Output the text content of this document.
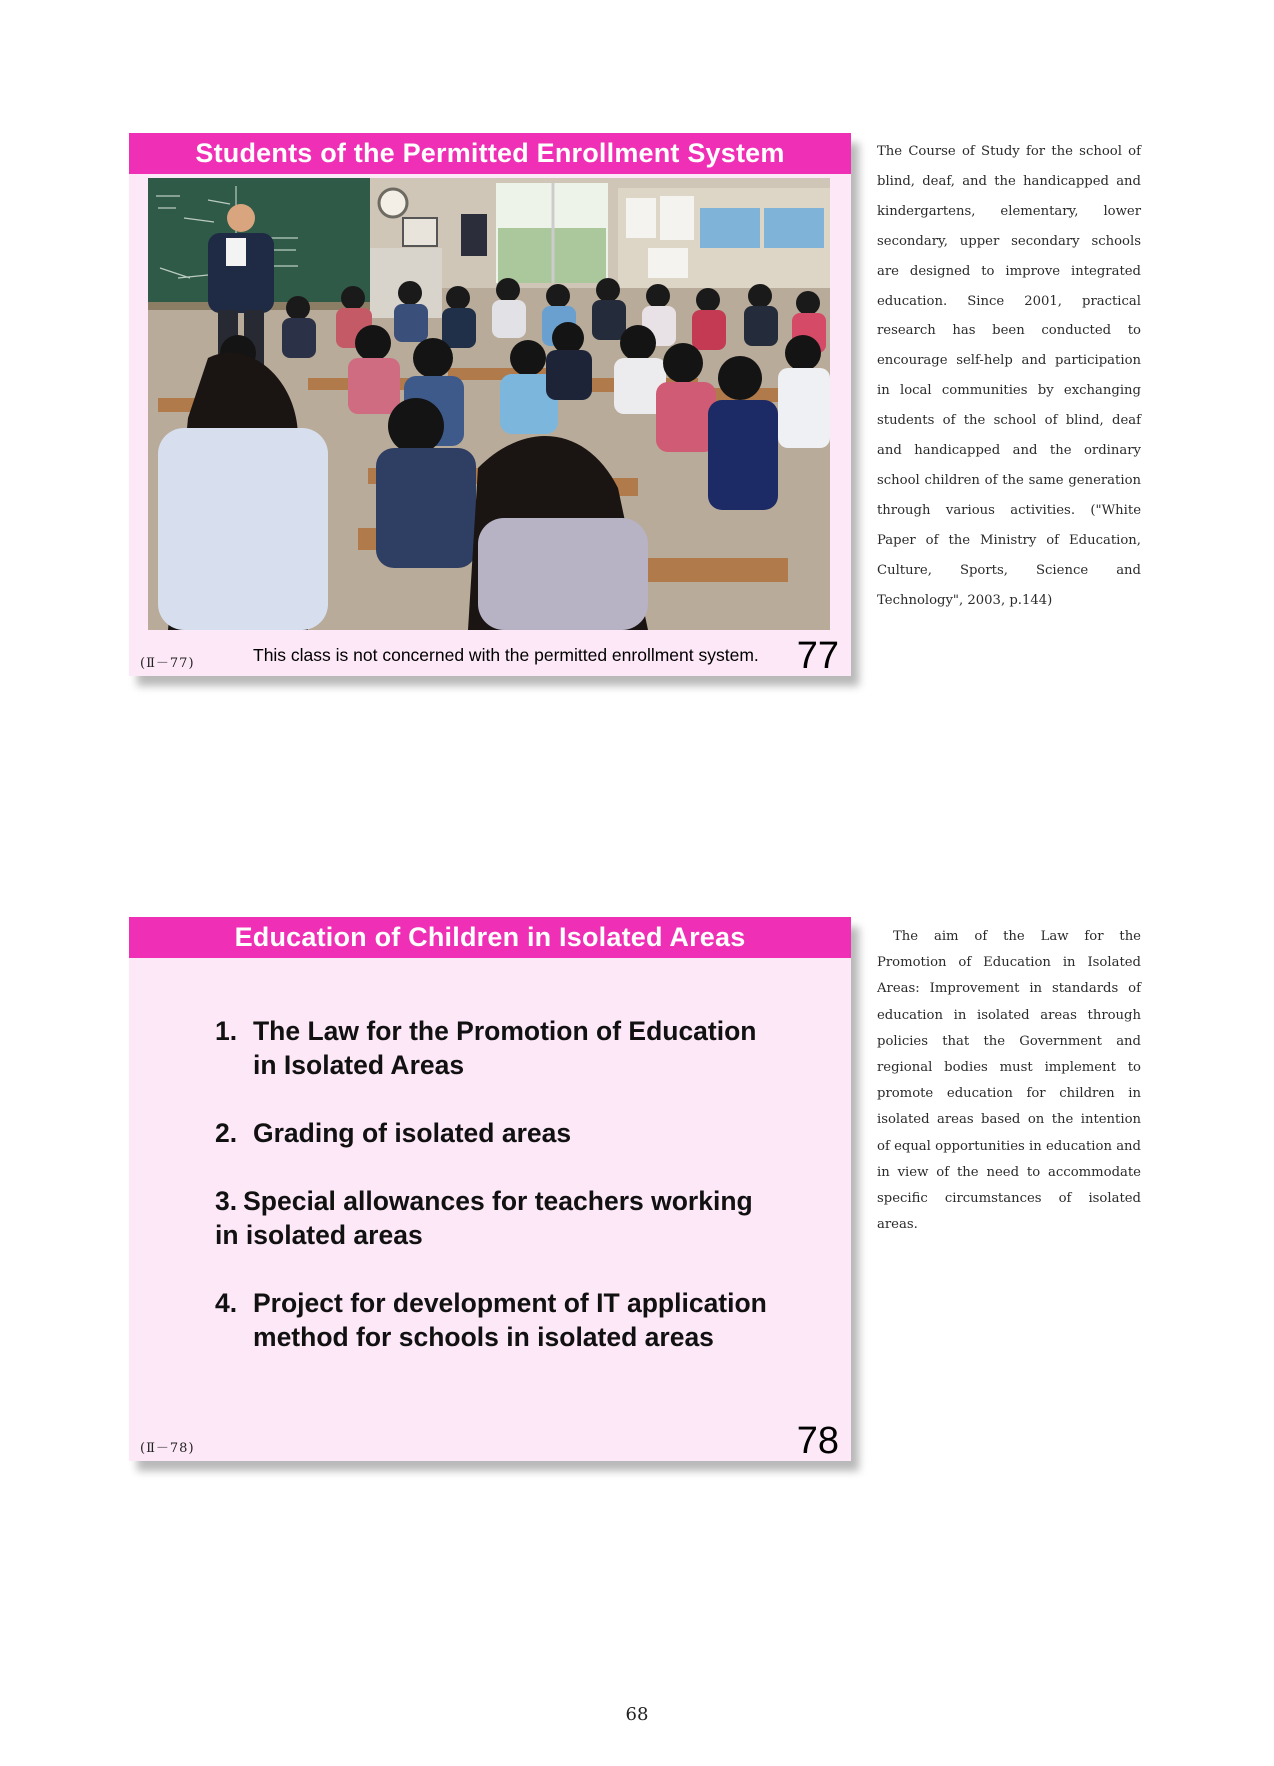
Students of the Permitted Enrollment System
(Ⅱ－77)	This class is not concerned with the permitted enrollment system. 77

The Course of Study for the school of blind, deaf, and the handicapped and kindergartens, elementary, lower secondary, upper secondary schools are designed to improve integrated education. Since 2001, practical research has been conducted to encourage self-help and participation in local communities by exchanging students of the school of blind, deaf and handicapped and the ordinary school children of the same generation through various activities. ("White Paper of the Ministry of Education, Culture, Sports, Science and Technology", 2003, p.144)

Education of Children in Isolated Areas
1. The Law for the Promotion of Education in Isolated Areas
2. Grading of isolated areas
3. Special allowances for teachers working in isolated areas
4. Project for development of IT application method for schools in isolated areas
(Ⅱ－78)	78

The aim of the Law for the Promotion of Education in Isolated Areas: Improvement in standards of education in isolated areas through policies that the Government and regional bodies must implement to promote education for children in isolated areas based on the intention of equal opportunities in education and in view of the need to accommodate specific circumstances of isolated areas.

68
